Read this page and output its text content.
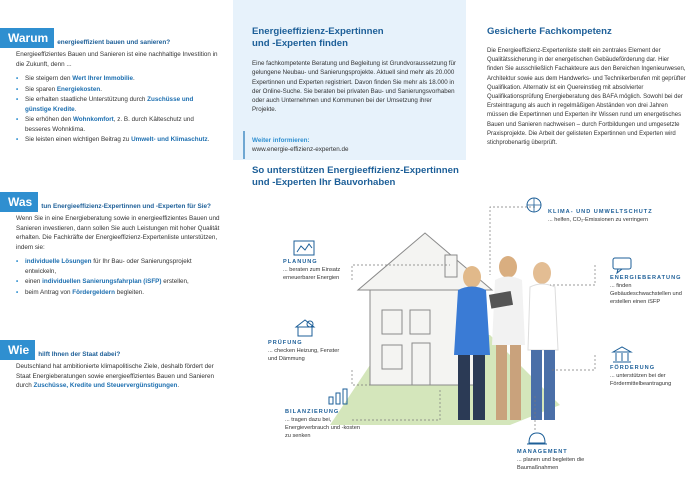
Warum	energieeffizient bauen und sanieren?

Energieeffizientes Bauen und Sanieren ist eine nachhaltige Investition in die Zukunft, denn ...

• Sie steigern den Wert Ihrer Immobilie.
• Sie sparen Energiekosten.
• Sie erhalten staatliche Unterstützung durch Zuschüsse und günstige Kredite.
• Sie erhöhen den Wohnkomfort, z. B. durch Kälteschutz und besseres Wohnklima.
• Sie leisten einen wichtigen Beitrag zu Umwelt- und Klimaschutz.
Was	tun Energieeffizienz-Expertinnen und -Experten für Sie?

Wenn Sie in eine Energieberatung sowie in energieeffizientes Bauen und Sanieren investieren, dann sollen Sie auch Leistungen mit hoher Qualität erhalten. Die Fachkräfte der Energieeffizienz-Expertenliste unterstützen, indem sie:

• individuelle Lösungen für Ihr Bau- oder Sanierungsprojekt entwickeln,
• einen individuellen Sanierungsfahrplan (iSFP) erstellen,
• beim Antrag von Fördergeldern begleiten.
Wie	hilft Ihnen der Staat dabei?

Deutschland hat ambitionierte klimapolitische Ziele, deshalb fördert der Staat Energieberatungen sowie energieeffizientes Bauen und Sanieren durch Zuschüsse, Kredite und Steuervergünstigungen.

Energieeffizienz-Expertinnen
und -Experten finden
Eine fachkompetente Beratung und Begleitung ist Grundvoraussetzung für gelungene Neubau- und Sanierungsprojekte. Aktuell sind mehr als 20.000 Expertinnen und Experten registriert. Davon finden Sie mehr als 18.000 in der Online-Suche. Sie beraten bei privaten Bau- und Sanierungsvorhaben oder auch Unternehmen und Kommunen bei der Umsetzung ihrer Projekte.
Weiter informieren:
www.energie-effizienz-experten.de
Gesicherte Fachkompetenz
Die Energieeffizienz-Expertenliste stellt ein zentrales Element der Qualitätssicherung in der energetischen Gebäudeförderung dar. Hier finden Sie ausschließlich Fachakteure aus den Bereichen Ingenieurwesen, Architektur sowie aus dem Handwerks- und Technikerberufen mit geprüfter Qualifikation. Alternativ ist ein Quereinstieg mit absolvierter Qualifikationsprüfung Energieberatung des BAFA möglich. Sowohl bei der Ersteintragung als auch in regelmäßigen Abständen von drei Jahren müssen die Expertinnen und Experten ihr Wissen rund um energetisches Bauen und Sanieren nachweisen – durch Fortbildungen und umgesetzte Praxisprojekte. Die Arbeit der gelisteten Expertinnen und Experten wird stichprobenartig überprüft.
So unterstützen Energieeffizienz-Expertinnen
und -Experten Ihr Bauvorhaben
PLANUNG
... beraten zum Einsatz erneuerbarer Energien
PRÜFUNG
... checken Heizung, Fenster und Dämmung
BILANZIERUNG
... tragen dazu bei, Energieverbrauch und -kosten zu senken
KLIMA- UND UMWELTSCHUTZ
... helfen, CO₂-Emissionen zu verringern
ENERGIEBERATUNG
... finden Gebäudeschwachstellen und erstellen einen iSFP
FÖRDERUNG
... unterstützen bei der Fördermittelbeantragung
MANAGEMENT
... planen und begleiten die Baumaßnahmen
